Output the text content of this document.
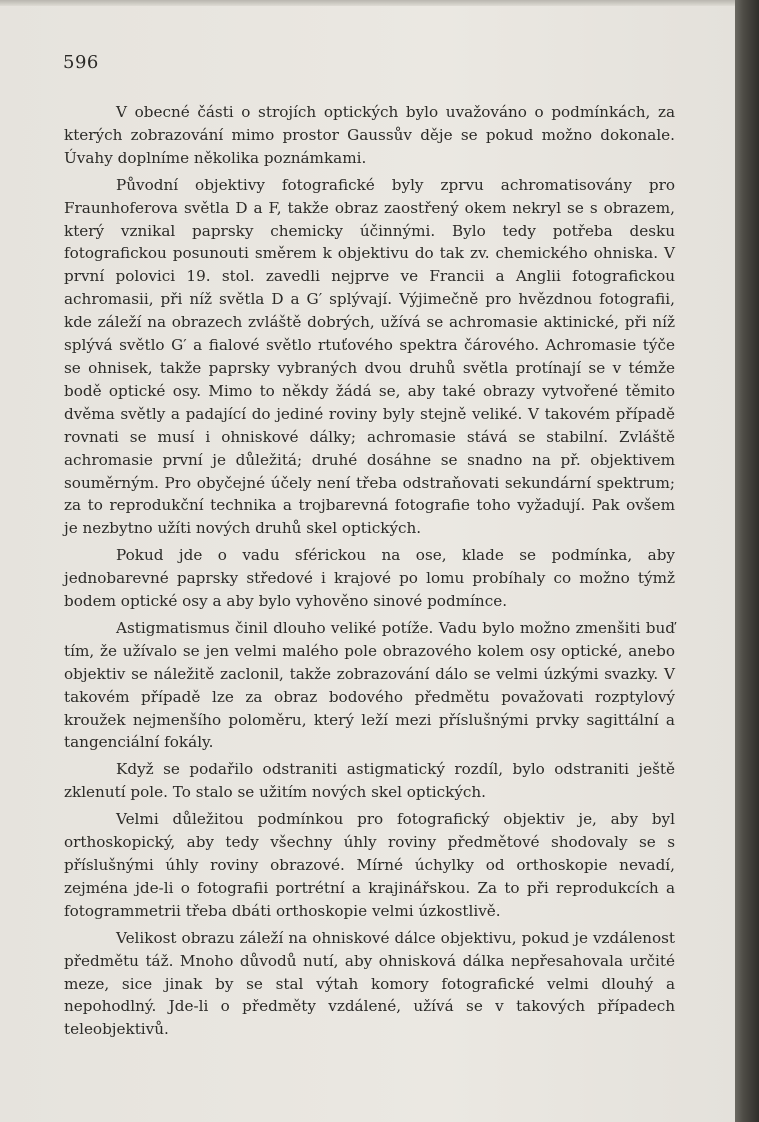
596

V obecné části o strojích optických bylo uvažováno o podmínkách, za kterých zobrazování mimo prostor Gaussův děje se pokud možno dokonale. Úvahy doplníme několika poznámkami.

Původní objektivy fotografické byly zprvu achromatisovány pro Fraunhoferova světla D a F, takže obraz zaostřený okem nekryl se s obrazem, který vznikal paprsky chemicky účinnými. Bylo tedy potřeba desku fotografickou posunouti směrem k objektivu do tak zv. chemického ohniska. V první polovici 19. stol. zavedli nejprve ve Francii a Anglii fotografickou achromasii, při níž světla D a G′ splývají. Výjimečně pro hvězdnou fotografii, kde záleží na obrazech zvláště dobrých, užívá se achromasie aktinické, při níž splývá světlo G′ a fialové světlo rtuťového spektra čárového. Achromasie týče se ohnisek, takže paprsky vybraných dvou druhů světla protínají se v témže bodě optické osy. Mimo to někdy žádá se, aby také obrazy vytvořené těmito dvěma světly a padající do jediné roviny byly stejně veliké. V takovém případě rovnati se musí i ohniskové dálky; achromasie stává se stabilní. Zvláště achromasie první je důležitá; druhé dosáhne se snadno na př. objektivem souměrným. Pro obyčejné účely není třeba odstraňovati sekundární spektrum; za to reprodukční technika a trojbarevná fotografie toho vyžadují. Pak ovšem je nezbytno užíti nových druhů skel optických.

Pokud jde o vadu sférickou na ose, klade se podmínka, aby jednobarevné paprsky středové i krajové po lomu probíhaly co možno týmž bodem optické osy a aby bylo vyhověno sinové podmínce.

Astigmatismus činil dlouho veliké potíže. Vadu bylo možno zmenšiti buď tím, že užívalo se jen velmi malého pole obrazového kolem osy optické, anebo objektiv se náležitě zaclonil, takže zobrazování dálo se velmi úzkými svazky. V takovém případě lze za obraz bodového předmětu považovati rozptylový kroužek nejmenšího poloměru, který leží mezi příslušnými prvky sagittální a tangenciální fokály.

Když se podařilo odstraniti astigmatický rozdíl, bylo odstraniti ještě zklenutí pole. To stalo se užitím nových skel optických.

Velmi důležitou podmínkou pro fotografický objektiv je, aby byl orthoskopický, aby tedy všechny úhly roviny předmětové shodovaly se s příslušnými úhly roviny obrazové. Mírné úchylky od orthoskopie nevadí, zejména jde-li o fotografii portrétní a krajinářskou. Za to při reprodukcích a fotogrammetrii třeba dbáti orthoskopie velmi úzkostlivě.

Velikost obrazu záleží na ohniskové dálce objektivu, pokud je vzdálenost předmětu táž. Mnoho důvodů nutí, aby ohnisková dálka nepřesahovala určité meze, sice jinak by se stal výtah komory fotografické velmi dlouhý a nepohodlný. Jde-li o předměty vzdálené, užívá se v takových případech teleobjektivů.
